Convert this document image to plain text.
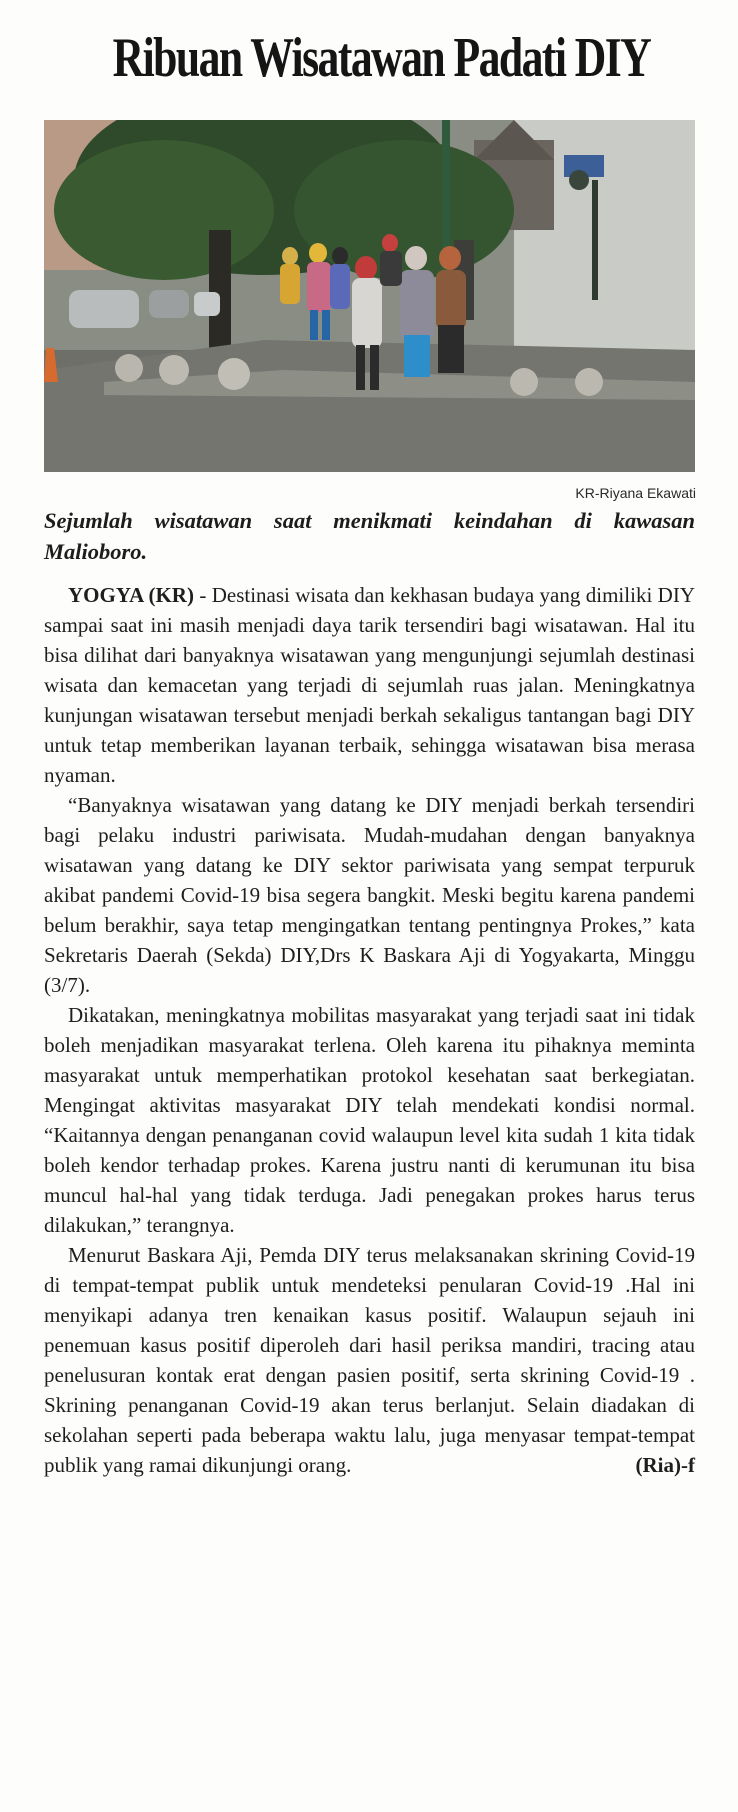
Ribuan Wisatawan Padati DIY
KR-Riyana Ekawati
Sejumlah wisatawan saat menikmati keindahan di kawasan Malioboro.

YOGYA (KR) - Destinasi wisata dan kekhasan budaya yang dimiliki DIY sampai saat ini masih menjadi daya tarik tersendiri bagi wisatawan. Hal itu bisa dilihat dari banyaknya wisatawan yang mengunjungi sejumlah destinasi wisata dan kemacetan yang terjadi di sejumlah ruas jalan. Meningkatnya kunjungan wisatawan tersebut menjadi berkah sekaligus tantangan bagi DIY untuk tetap memberikan layanan terbaik, sehingga wisatawan bisa merasa nyaman.

“Banyaknya wisatawan yang datang ke DIY menjadi berkah tersendiri bagi pelaku industri pariwisata. Mudah-mudahan dengan banyaknya wisatawan yang datang ke DIY sektor pariwisata yang sempat terpuruk akibat pandemi Covid-19 bisa segera bangkit. Meski begitu karena pandemi belum berakhir, saya tetap mengingatkan tentang pentingnya Prokes,” kata Sekretaris Daerah (Sekda) DIY,Drs K Baskara Aji di Yogyakarta, Minggu (3/7).

Dikatakan, meningkatnya mobilitas masyarakat yang terjadi saat ini tidak boleh menjadikan masyarakat terlena. Oleh karena itu pihaknya meminta masyarakat untuk memperhatikan protokol kesehatan saat berkegiatan. Mengingat aktivitas masyarakat DIY telah mendekati kondisi normal. “Kaitannya dengan penanganan covid walaupun level kita sudah 1 kita tidak boleh kendor terhadap prokes. Karena justru nanti di kerumunan itu bisa muncul hal-hal yang tidak terduga. Jadi penegakan prokes harus terus dilakukan,” terangnya.

Menurut Baskara Aji, Pemda DIY terus melaksanakan skrining Covid-19 di tempat-tempat publik untuk mendeteksi penularan Covid-19 .Hal ini menyikapi adanya tren kenaikan kasus positif. Walaupun sejauh ini penemuan kasus positif diperoleh dari hasil periksa mandiri, tracing atau penelusuran kontak erat dengan pasien positif, serta skrining Covid-19 . Skrining penanganan Covid-19 akan terus berlanjut. Selain diadakan di sekolahan seperti pada beberapa waktu lalu, juga menyasar tempat-tempat publik yang ramai dikunjungi orang.	(Ria)-f
